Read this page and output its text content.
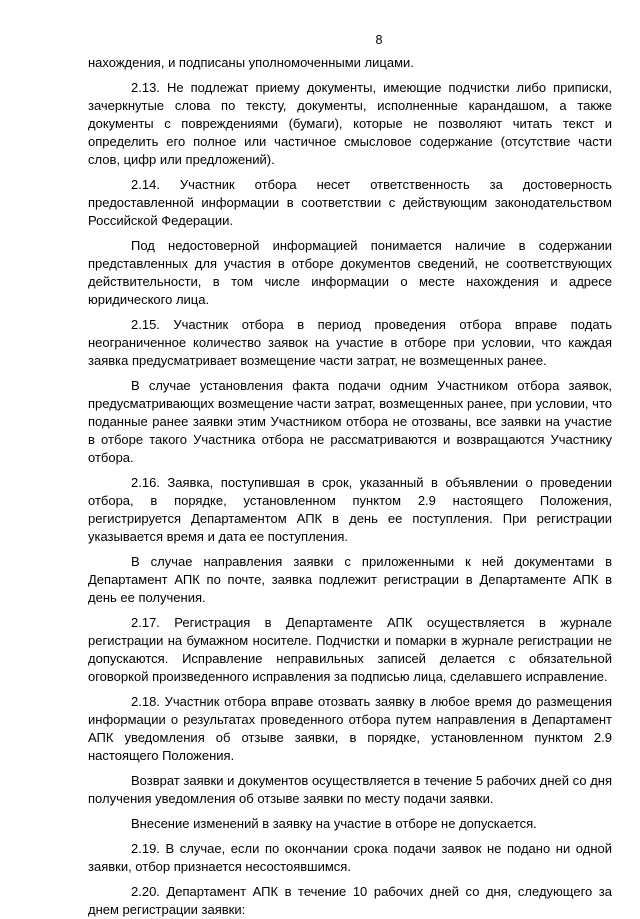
8

нахождения, и подписаны уполномоченными лицами.

2.13. Не подлежат приему документы, имеющие подчистки либо приписки, зачеркнутые слова по тексту, документы, исполненные карандашом, а также документы с повреждениями (бумаги), которые не позволяют читать текст и определить его полное или частичное смысловое содержание (отсутствие части слов, цифр или предложений).

2.14. Участник отбора несет ответственность за достоверность предоставленной информации в соответствии с действующим законодательством Российской Федерации.

Под недостоверной информацией понимается наличие в содержании представленных для участия в отборе документов сведений, не соответствующих действительности, в том числе информации о месте нахождения и адресе юридического лица.

2.15. Участник отбора в период проведения отбора вправе подать неограниченное количество заявок на участие в отборе при условии, что каждая заявка предусматривает возмещение части затрат, не возмещенных ранее.

В случае установления факта подачи одним Участником отбора заявок, предусматривающих возмещение части затрат, возмещенных ранее, при условии, что поданные ранее заявки этим Участником отбора не отозваны, все заявки на участие в отборе такого Участника отбора не рассматриваются и возвращаются Участнику отбора.

2.16. Заявка, поступившая в срок, указанный в объявлении о проведении отбора, в порядке, установленном пунктом 2.9 настоящего Положения, регистрируется Департаментом АПК в день ее поступления. При регистрации указывается время и дата ее поступления.

В случае направления заявки с приложенными к ней документами в Департамент АПК по почте, заявка подлежит регистрации в Департаменте АПК в день ее получения.

2.17. Регистрация в Департаменте АПК осуществляется в журнале регистрации на бумажном носителе. Подчистки и помарки в журнале регистрации не допускаются. Исправление неправильных записей делается с обязательной оговоркой произведенного исправления за подписью лица, сделавшего исправление.

2.18. Участник отбора вправе отозвать заявку в любое время до размещения информации о результатах проведенного отбора путем направления в Департамент АПК уведомления об отзыве заявки, в порядке, установленном пунктом 2.9 настоящего Положения.

Возврат заявки и документов осуществляется в течение 5 рабочих дней со дня получения уведомления об отзыве заявки по месту подачи заявки.

Внесение изменений в заявку на участие в отборе не допускается.

2.19. В случае, если по окончании срока подачи заявок не подано ни одной заявки, отбор признается несостоявшимся.

2.20. Департамент АПК в течение 10 рабочих дней со дня, следующего за днем регистрации заявки:
